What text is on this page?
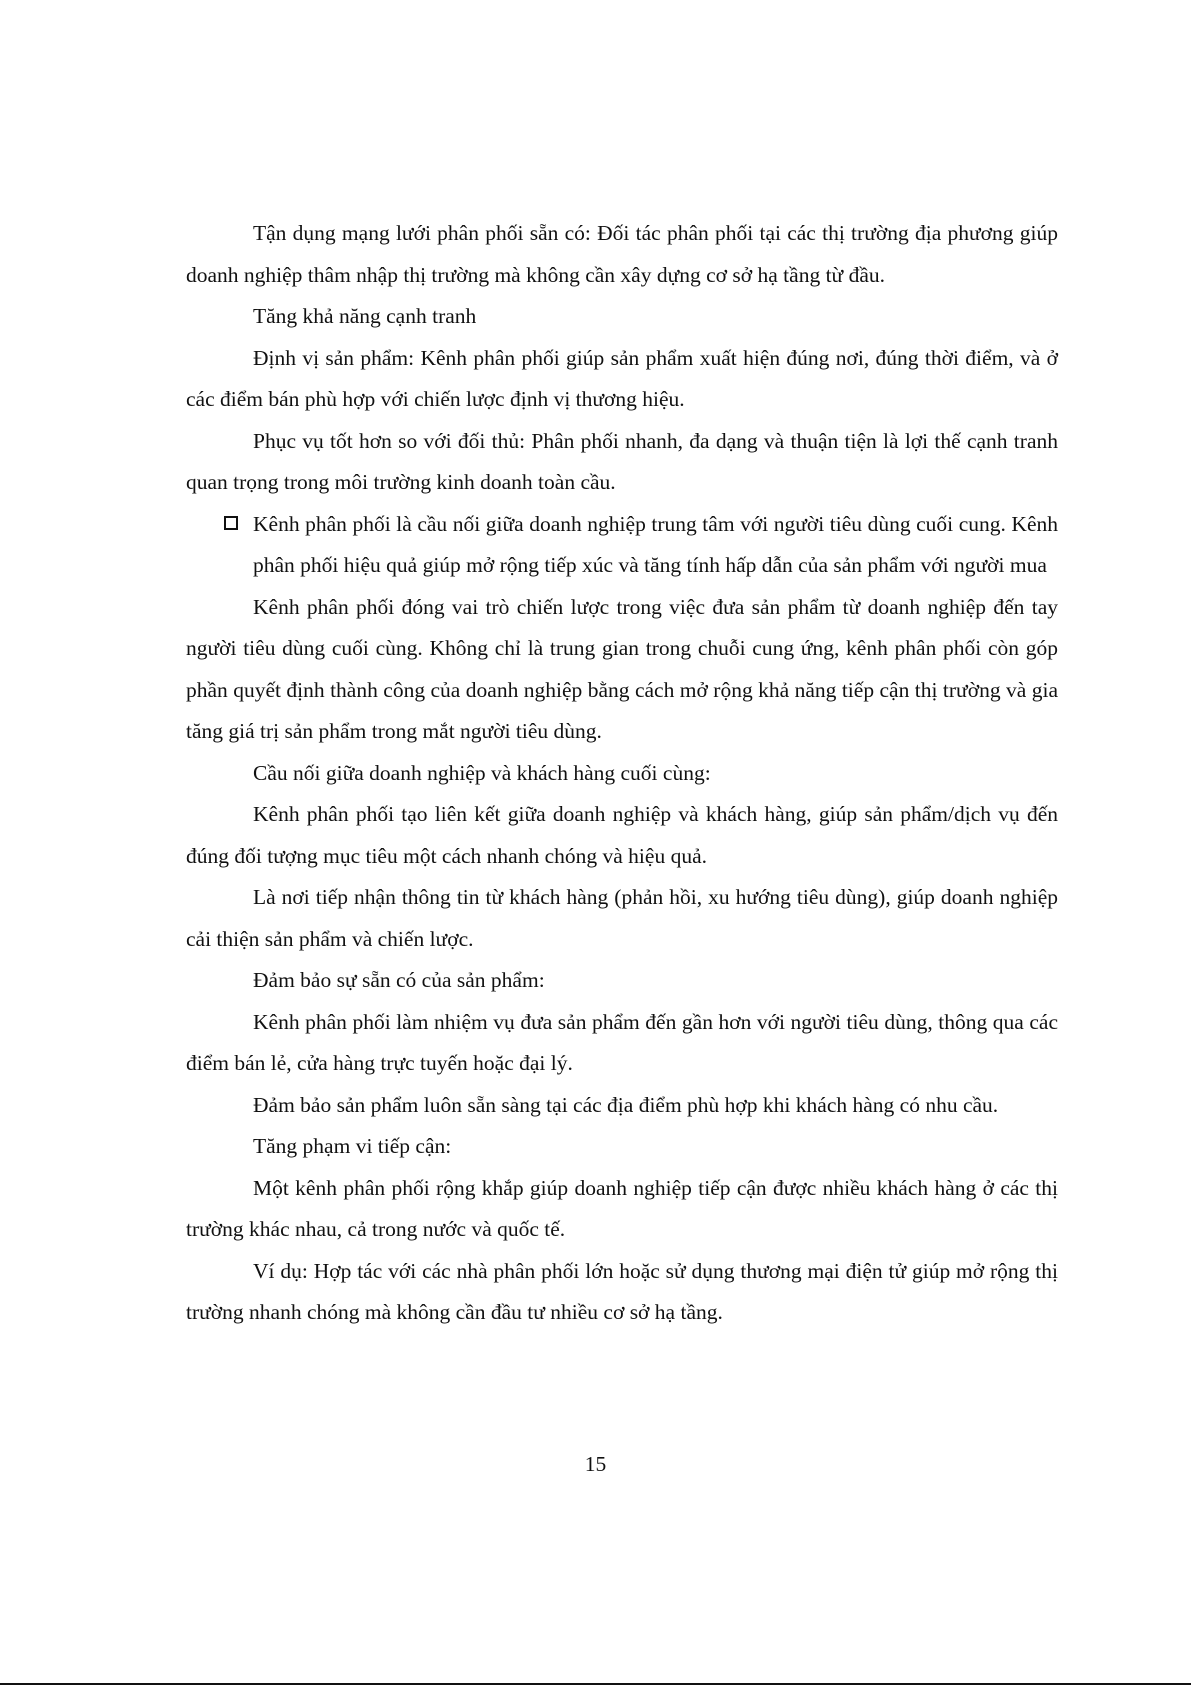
Tận dụng mạng lưới phân phối sẵn có: Đối tác phân phối tại các thị trường địa phương giúp doanh nghiệp thâm nhập thị trường mà không cần xây dựng cơ sở hạ tầng từ đầu.

Tăng khả năng cạnh tranh

Định vị sản phẩm: Kênh phân phối giúp sản phẩm xuất hiện đúng nơi, đúng thời điểm, và ở các điểm bán phù hợp với chiến lược định vị thương hiệu.

Phục vụ tốt hơn so với đối thủ: Phân phối nhanh, đa dạng và thuận tiện là lợi thế cạnh tranh quan trọng trong môi trường kinh doanh toàn cầu.

Kênh phân phối là cầu nối giữa doanh nghiệp trung tâm với người tiêu dùng cuối cung. Kênh phân phối hiệu quả giúp mở rộng tiếp xúc và tăng tính hấp dẫn của sản phẩm với người mua

Kênh phân phối đóng vai trò chiến lược trong việc đưa sản phẩm từ doanh nghiệp đến tay người tiêu dùng cuối cùng. Không chỉ là trung gian trong chuỗi cung ứng, kênh phân phối còn góp phần quyết định thành công của doanh nghiệp bằng cách mở rộng khả năng tiếp cận thị trường và gia tăng giá trị sản phẩm trong mắt người tiêu dùng.

Cầu nối giữa doanh nghiệp và khách hàng cuối cùng:

Kênh phân phối tạo liên kết giữa doanh nghiệp và khách hàng, giúp sản phẩm/dịch vụ đến đúng đối tượng mục tiêu một cách nhanh chóng và hiệu quả.

Là nơi tiếp nhận thông tin từ khách hàng (phản hồi, xu hướng tiêu dùng), giúp doanh nghiệp cải thiện sản phẩm và chiến lược.

Đảm bảo sự sẵn có của sản phẩm:

Kênh phân phối làm nhiệm vụ đưa sản phẩm đến gần hơn với người tiêu dùng, thông qua các điểm bán lẻ, cửa hàng trực tuyến hoặc đại lý.

Đảm bảo sản phẩm luôn sẵn sàng tại các địa điểm phù hợp khi khách hàng có nhu cầu.

Tăng phạm vi tiếp cận:

Một kênh phân phối rộng khắp giúp doanh nghiệp tiếp cận được nhiều khách hàng ở các thị trường khác nhau, cả trong nước và quốc tế.

Ví dụ: Hợp tác với các nhà phân phối lớn hoặc sử dụng thương mại điện tử giúp mở rộng thị trường nhanh chóng mà không cần đầu tư nhiều cơ sở hạ tầng.

15
